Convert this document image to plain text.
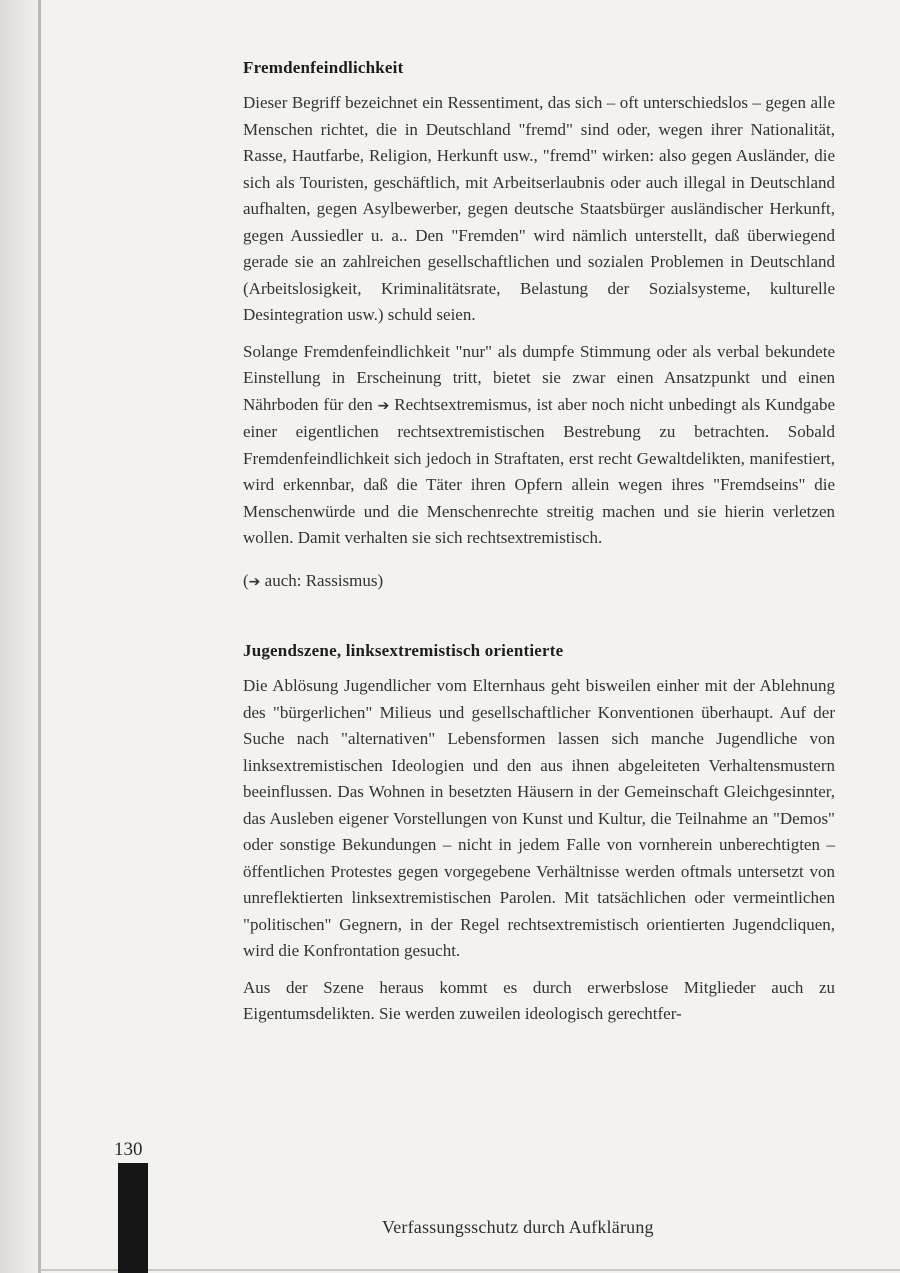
Fremdenfeindlichkeit

Dieser Begriff bezeichnet ein Ressentiment, das sich – oft unterschiedslos – gegen alle Menschen richtet, die in Deutschland "fremd" sind oder, wegen ihrer Nationalität, Rasse, Hautfarbe, Religion, Herkunft usw., "fremd" wirken: also gegen Ausländer, die sich als Touristen, geschäftlich, mit Arbeitserlaubnis oder auch illegal in Deutschland aufhalten, gegen Asylbewerber, gegen deutsche Staatsbürger ausländischer Herkunft, gegen Aussiedler u. a.. Den "Fremden" wird nämlich unterstellt, daß überwiegend gerade sie an zahlreichen gesellschaftlichen und sozialen Problemen in Deutschland (Arbeitslosigkeit, Kriminalitätsrate, Belastung der Sozialsysteme, kulturelle Desintegration usw.) schuld seien.

Solange Fremdenfeindlichkeit "nur" als dumpfe Stimmung oder als verbal bekundete Einstellung in Erscheinung tritt, bietet sie zwar einen Ansatzpunkt und einen Nährboden für den ➔ Rechtsextremismus, ist aber noch nicht unbedingt als Kundgabe einer eigentlichen rechtsextremistischen Bestrebung zu betrachten. Sobald Fremdenfeindlichkeit sich jedoch in Straftaten, erst recht Gewaltdelikten, manifestiert, wird erkennbar, daß die Täter ihren Opfern allein wegen ihres "Fremdseins" die Menschenwürde und die Menschenrechte streitig machen und sie hierin verletzen wollen. Damit verhalten sie sich rechtsextremistisch.

(➔ auch: Rassismus)

Jugendszene, linksextremistisch orientierte

Die Ablösung Jugendlicher vom Elternhaus geht bisweilen einher mit der Ablehnung des "bürgerlichen" Milieus und gesellschaftlicher Konventionen überhaupt. Auf der Suche nach "alternativen" Lebensformen lassen sich manche Jugendliche von linksextremistischen Ideologien und den aus ihnen abgeleiteten Verhaltensmustern beeinflussen. Das Wohnen in besetzten Häusern in der Gemeinschaft Gleichgesinnter, das Ausleben eigener Vorstellungen von Kunst und Kultur, die Teilnahme an "Demos" oder sonstige Bekundungen – nicht in jedem Falle von vornherein unberechtigten – öffentlichen Protestes gegen vorgegebene Verhältnisse werden oftmals untersetzt von unreflektierten linksextremistischen Parolen. Mit tatsächlichen oder vermeintlichen "politischen" Gegnern, in der Regel rechtsextremistisch orientierten Jugendcliquen, wird die Konfrontation gesucht.

Aus der Szene heraus kommt es durch erwerbslose Mitglieder auch zu Eigentumsdelikten. Sie werden zuweilen ideologisch gerechtfer-

130
Verfassungsschutz durch Aufklärung
